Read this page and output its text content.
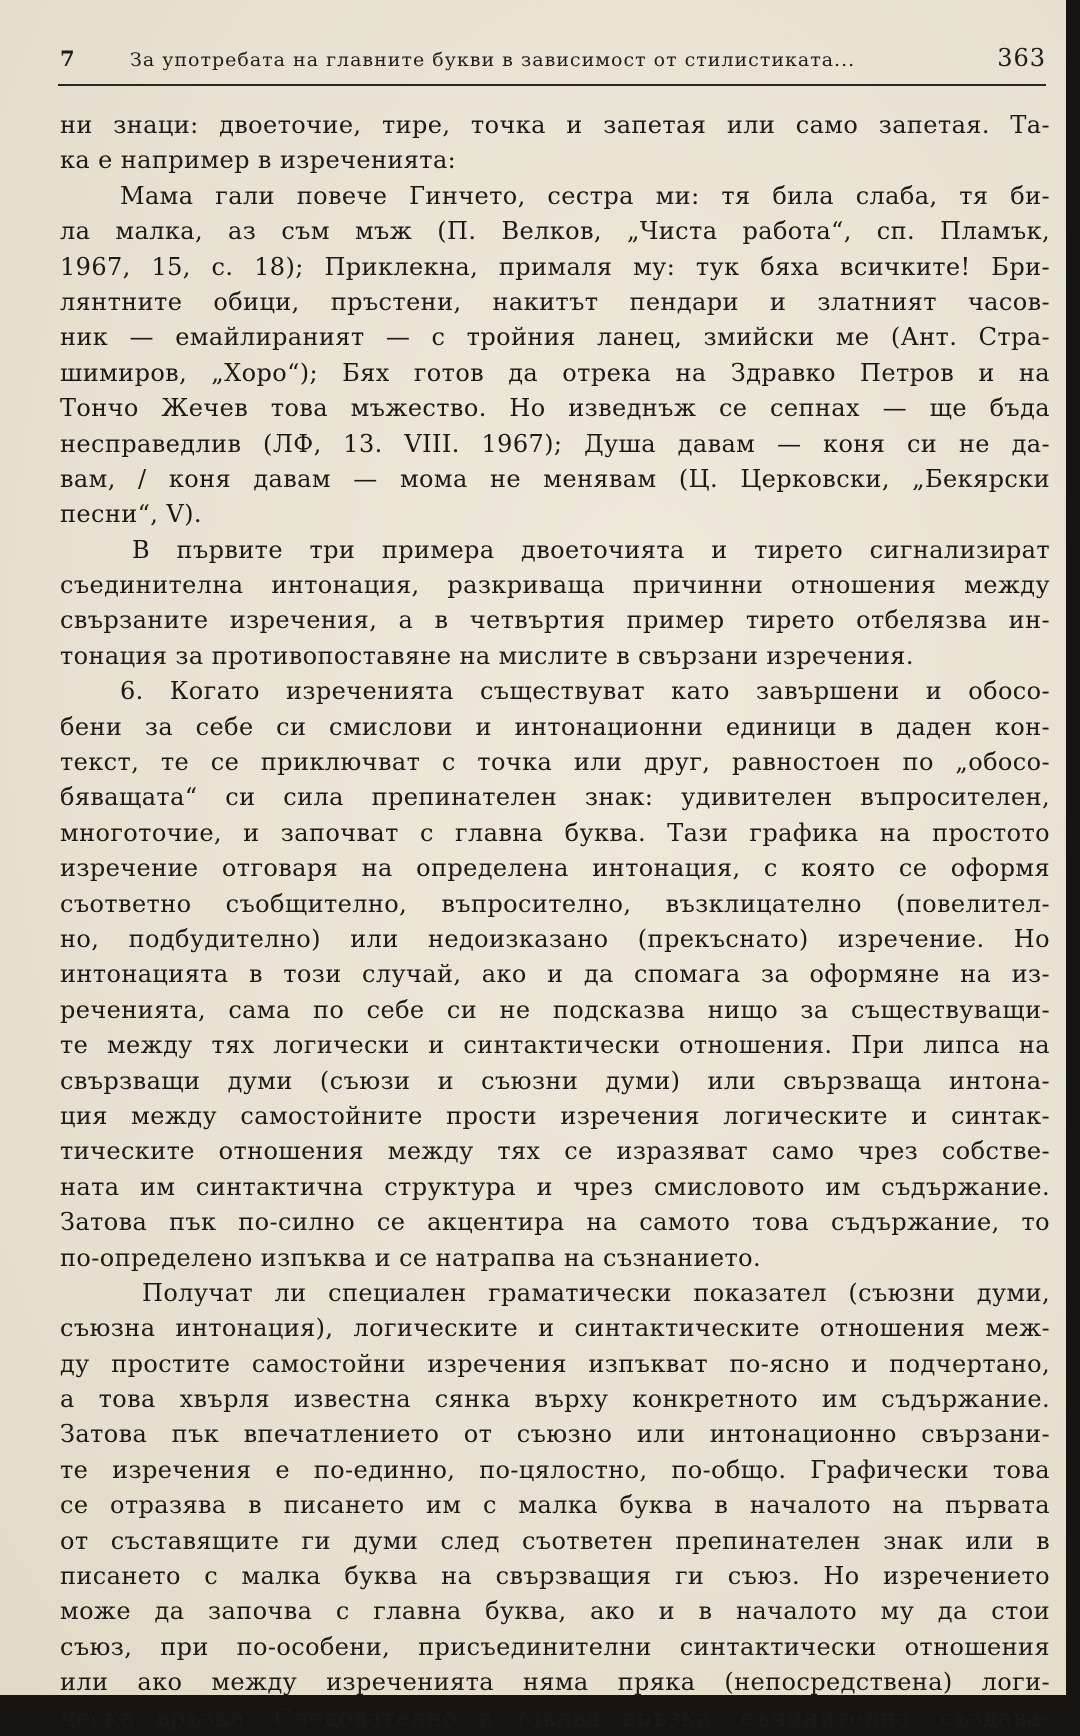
7	За употребата на главните букви в зависимост от стилистиката...	363
ни знаци: двоеточие, тире, точка и запетая или само запетая. Та-
ка е например в изреченията:
Мама гали повече Гинчето, сестра ми: тя била слаба, тя би-
ла малка, аз съм мъж (П. Велков, „Чиста работа“, сп. Пламък,
1967, 15, с. 18); Приклекна, прималя му: тук бяха всичките! Бри-
лянтните обици, пръстени, накитът пендари и златният часов-
ник — емайлираният — с тройния ланец, змийски ме (Ант. Стра-
шимиров, „Хоро“); Бях готов да отрека на Здравко Петров и на
Тончо Жечев това мъжество. Но изведнъж се сепнах — ще бъда
несправедлив (ЛФ, 13. VIII. 1967); Душа давам — коня си не да-
вам, / коня давам — мома не менявам (Ц. Церковски, „Бекярски
песни“, V).
В първите три примера двоеточията и тирето сигнализират
съединителна интонация, разкриваща причинни отношения между
свързаните изречения, а в четвъртия пример тирето отбелязва ин-
тонация за противопоставяне на мислите в свързани изречения.
6. Когато изреченията съществуват като завършени и обосо-
бени за себе си смислови и интонационни единици в даден кон-
текст, те се приключват с точка или друг, равностоен по „обосо-
бяващата“ си сила препинателен знак: удивителен въпросителен,
многоточие, и започват с главна буква. Тази графика на простото
изречение отговаря на определена интонация, с която се оформя
съответно съобщително, въпросително, възклицателно (повелител-
но, подбудително) или недоизказано (прекъснато) изречение. Но
интонацията в този случай, ако и да спомага за оформяне на из-
реченията, сама по себе си не подсказва нищо за съществуващи-
те между тях логически и синтактически отношения. При липса на
свързващи думи (съюзи и съюзни думи) или свързваща интона-
ция между самостойните прости изречения логическите и синтак-
тическите отношения между тях се изразяват само чрез собстве-
ната им синтактична структура и чрез смисловото им съдържание.
Затова пък по-силно се акцентира на самото това съдържание, то
по-определено изпъква и се натрапва на съзнанието.
Получат ли специален граматически показател (съюзни думи,
съюзна интонация), логическите и синтактическите отношения меж-
ду простите самостойни изречения изпъкват по-ясно и подчертано,
а това хвърля известна сянка върху конкретното им съдържание.
Затова пък впечатлението от съюзно или интонационно свързани-
те изречения е по-единно, по-цялостно, по-общо. Графически това
се отразява в писането им с малка буква в началото на първата
от съставящите ги думи след съответен препинателен знак или в
писането с малка буква на свързващия ги съюз. Но изречението
може да започва с главна буква, ако и в началото му да стои
съюз, при по-особени, присъединителни синтактически отношения
или ако между изреченията няма пряка (непосредствена) логи-
ческа връзка. Следователно в такава връзка, съчинителна, създава-
